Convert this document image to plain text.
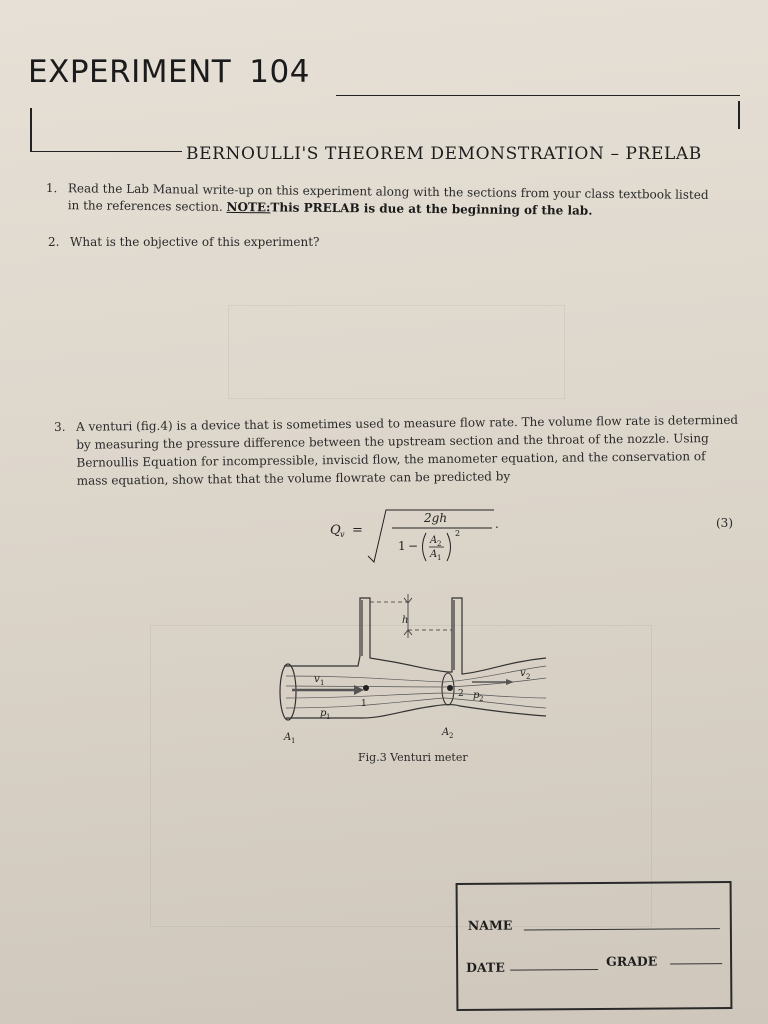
EXPERIMENT 104
BERNOULLI'S THEOREM DEMONSTRATION – PRELAB
1. Read the Lab Manual write-up on this experiment along with the sections from your class textbook listed
in the references section. NOTE:This PRELAB is due at the beginning of the lab.
2. What is the objective of this experiment?
3. A venturi (fig.4) is a device that is sometimes used to measure flow rate. The volume flow rate is determined
by measuring the pressure difference between the upstream section and the throat of the nozzle. Using
Bernoullis Equation for incompressible, inviscid flow, the manometer equation, and the conservation of
mass equation, show that that the volume flowrate can be predicted by
Q v =
2gh
1 − A 2
A 1
2
.	(3)
h
v 1
v 2
p 1
p 2
1
2
A 1
A 2
Fig.3 Venturi meter
NAME
DATE	GRADE
